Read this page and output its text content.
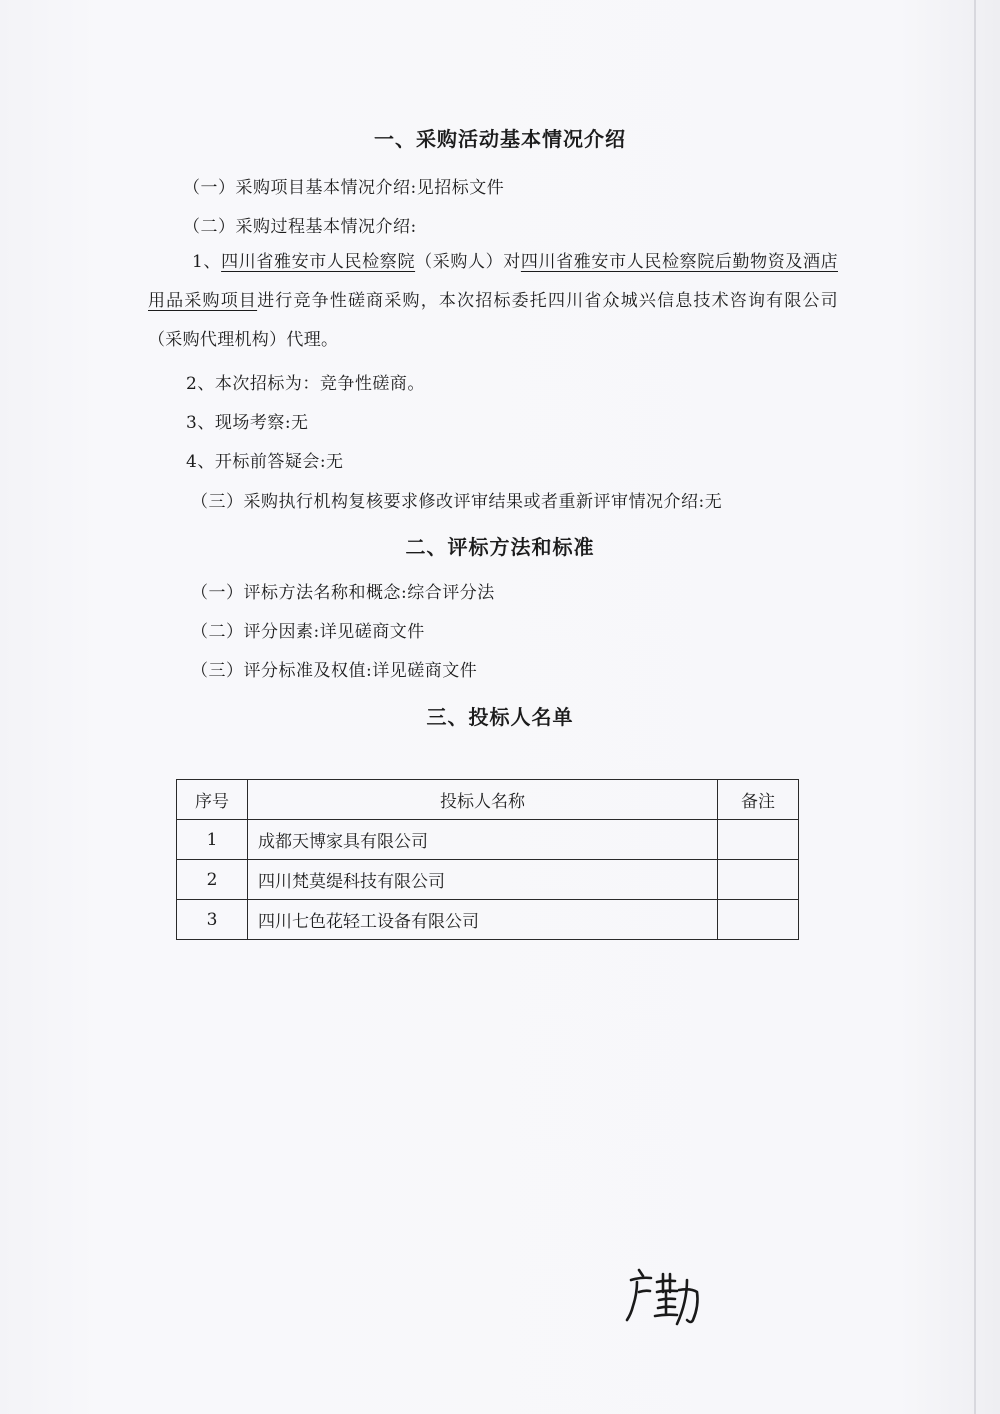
一、采购活动基本情况介绍
（一）采购项目基本情况介绍:见招标文件
（二）采购过程基本情况介绍:
1、四川省雅安市人民检察院（采购人）对四川省雅安市人民检察院后勤物资及酒店用品采购项目进行竞争性磋商采购，本次招标委托四川省众城兴信息技术咨询有限公司（采购代理机构）代理。
2、本次招标为：竞争性磋商。
3、现场考察:无
4、开标前答疑会:无
（三）采购执行机构复核要求修改评审结果或者重新评审情况介绍:无
二、评标方法和标准
（一）评标方法名称和概念:综合评分法
（二）评分因素:详见磋商文件
（三）评分标准及权值:详见磋商文件
三、投标人名单
序号	投标人名称	备注
1	成都天博家具有限公司	
2	四川梵莫缇科技有限公司	
3	四川七色花轻工设备有限公司	
